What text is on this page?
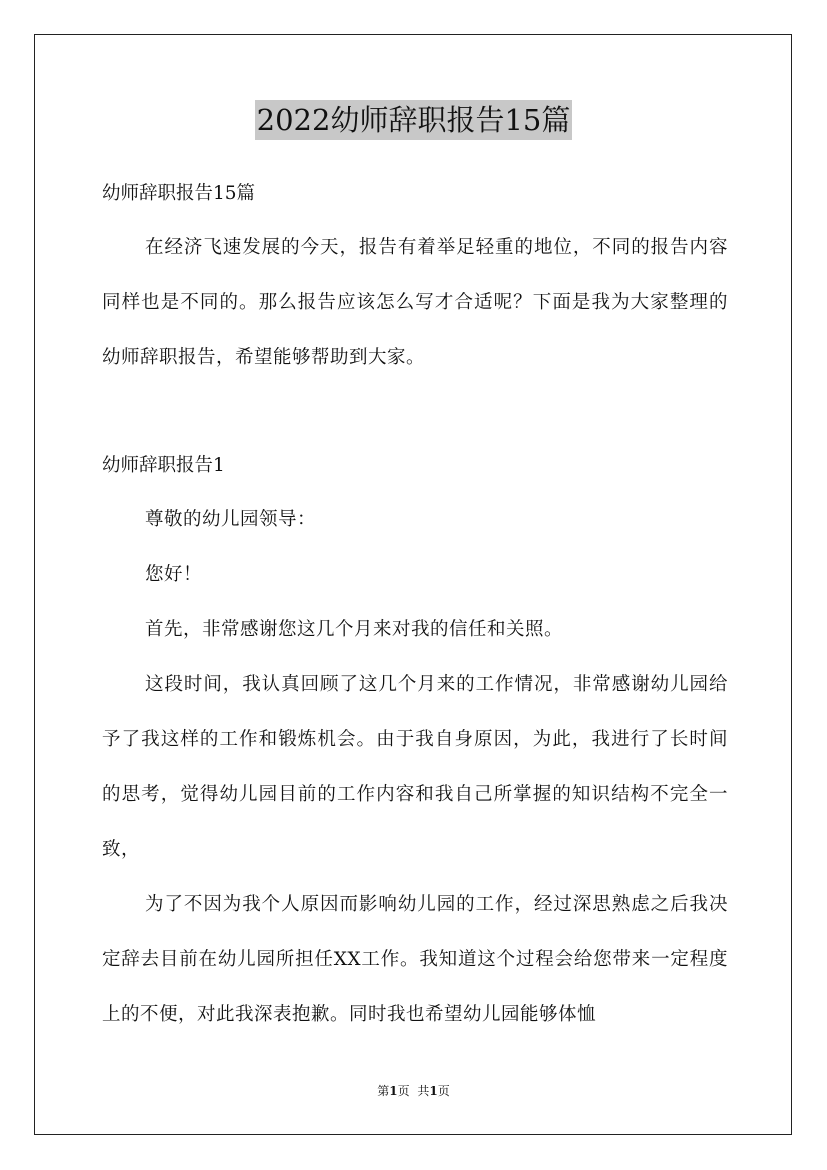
2022幼师辞职报告15篇

幼师辞职报告15篇

在经济飞速发展的今天，报告有着举足轻重的地位，不同的报告内容同样也是不同的。那么报告应该怎么写才合适呢？下面是我为大家整理的幼师辞职报告，希望能够帮助到大家。

幼师辞职报告1

尊敬的幼儿园领导：

您好！

首先，非常感谢您这几个月来对我的信任和关照。

这段时间，我认真回顾了这几个月来的工作情况，非常感谢幼儿园给予了我这样的工作和锻炼机会。由于我自身原因，为此，我进行了长时间的思考，觉得幼儿园目前的工作内容和我自己所掌握的知识结构不完全一致，

为了不因为我个人原因而影响幼儿园的工作，经过深思熟虑之后我决定辞去目前在幼儿园所担任XX工作。我知道这个过程会给您带来一定程度上的不便，对此我深表抱歉。同时我也希望幼儿园能够体恤

第1页 共1页
